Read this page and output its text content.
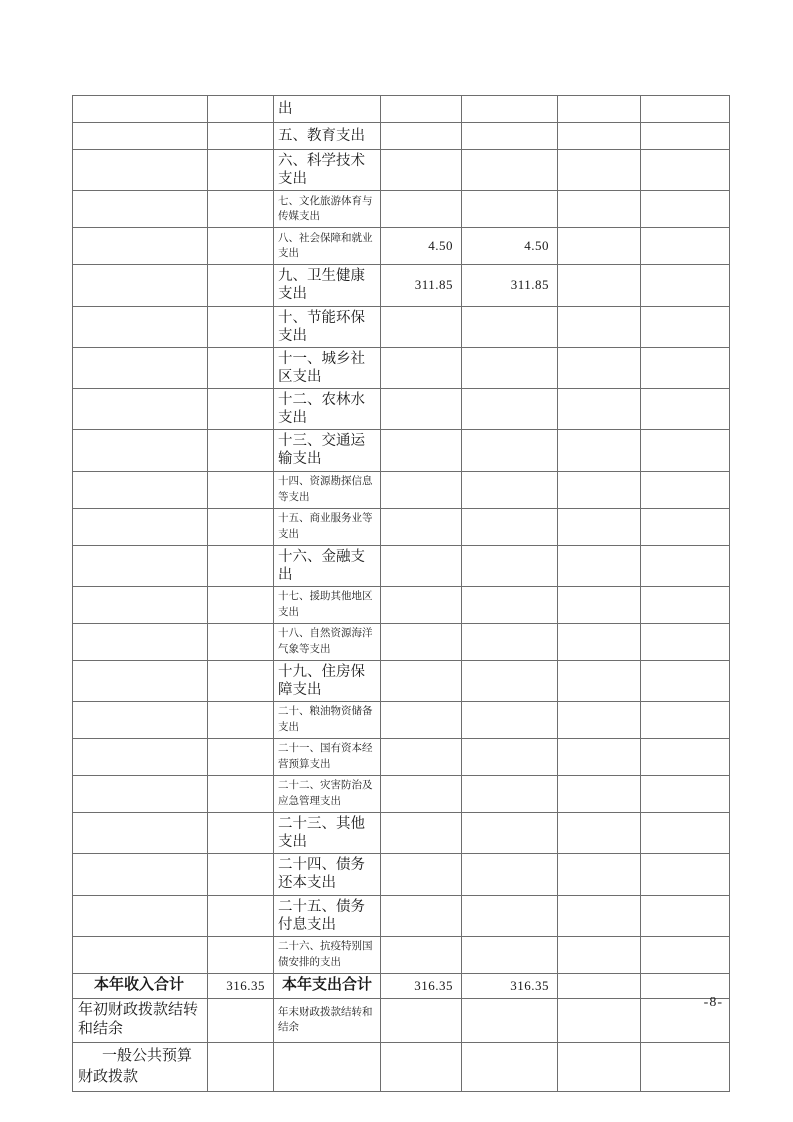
		出				
		五、教育支出				
		六、科学技术支出				
		七、文化旅游体育与传媒支出				
		八、社会保障和就业支出	4.50	4.50		
		九、卫生健康支出	311.85	311.85		
		十、节能环保支出				
		十一、城乡社区支出				
		十二、农林水支出				
		十三、交通运输支出				
		十四、资源勘探信息等支出				
		十五、商业服务业等支出				
		十六、金融支出				
		十七、援助其他地区支出				
		十八、自然资源海洋气象等支出				
		十九、住房保障支出				
		二十、粮油物资储备支出				
		二十一、国有资本经营预算支出				
		二十二、灾害防治及应急管理支出				
		二十三、其他支出				
		二十四、债务还本支出				
		二十五、债务付息支出				
		二十六、抗疫特别国债安排的支出				
本年收入合计	316.35	本年支出合计	316.35	316.35		
年初财政拨款结转和结余		年末财政拨款结转和结余				
一般公共预算财政拨款						
-8-
